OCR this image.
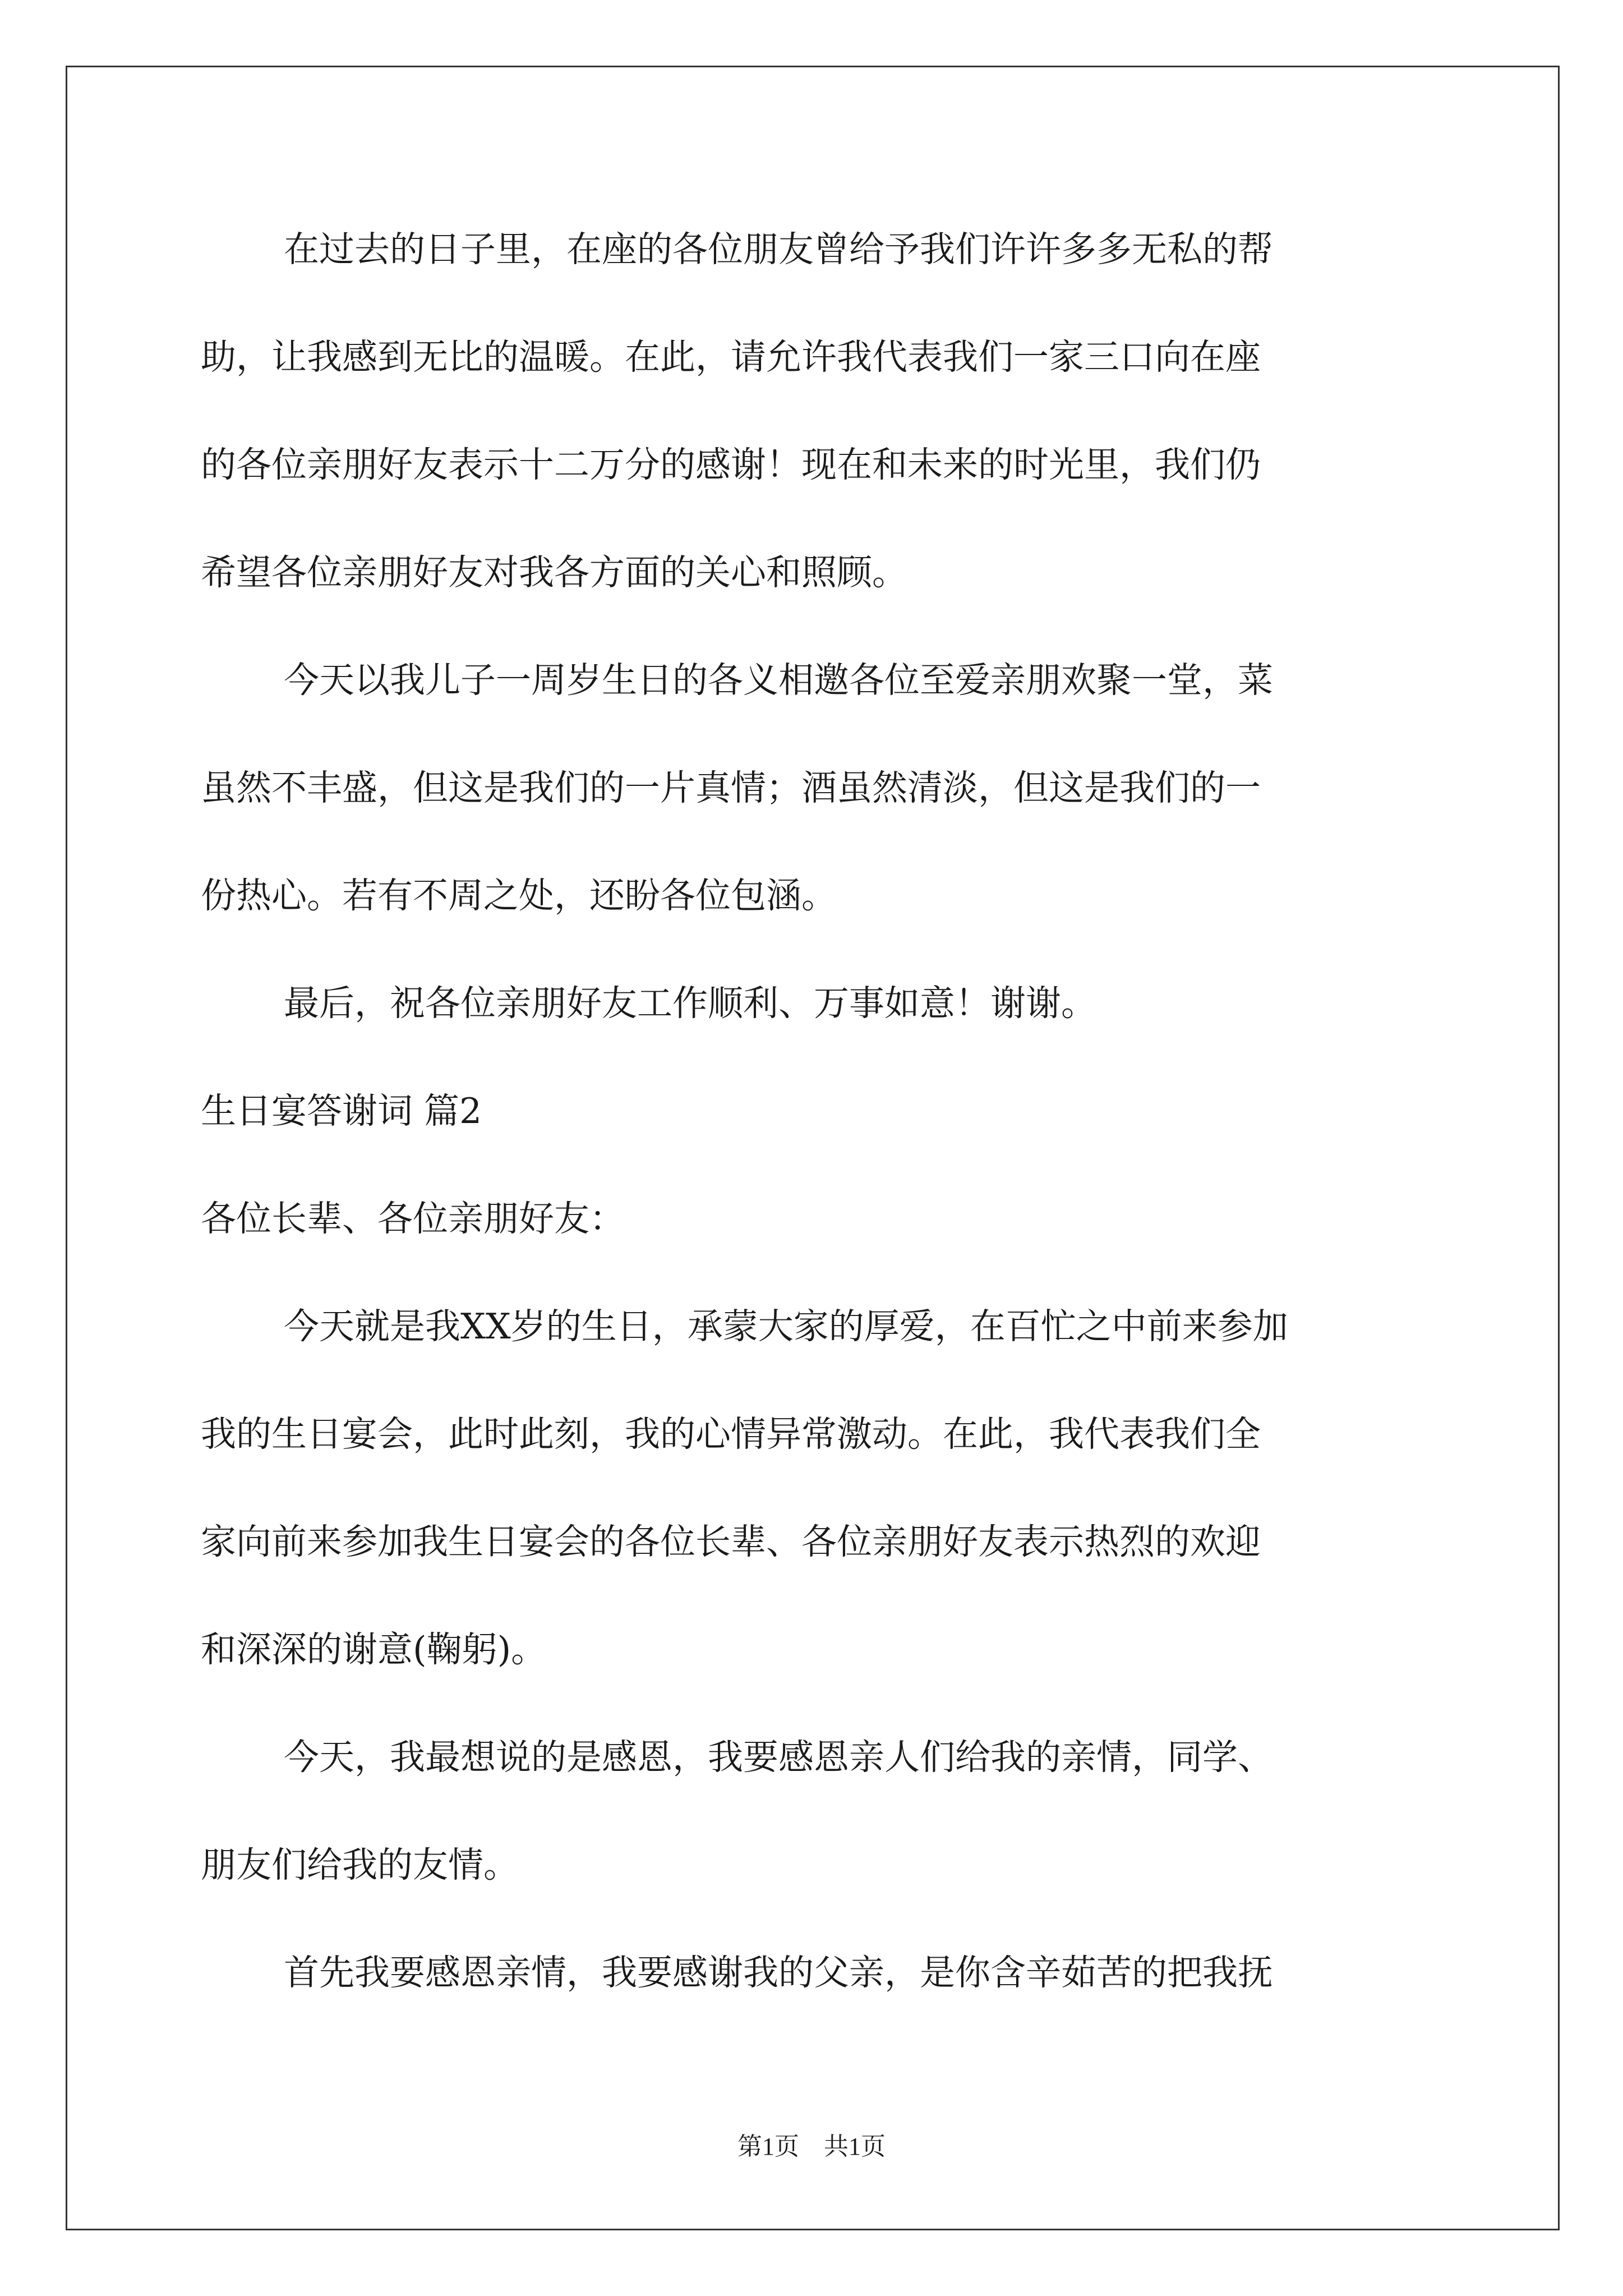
在过去的日子里，在座的各位朋友曾给予我们许许多多无私的帮
助，让我感到无比的温暖。在此，请允许我代表我们一家三口向在座
的各位亲朋好友表示十二万分的感谢！现在和未来的时光里，我们仍
希望各位亲朋好友对我各方面的关心和照顾。
今天以我儿子一周岁生日的各义相邀各位至爱亲朋欢聚一堂，菜
虽然不丰盛，但这是我们的一片真情；酒虽然清淡，但这是我们的一
份热心。若有不周之处，还盼各位包涵。
最后，祝各位亲朋好友工作顺利、万事如意！谢谢。
生日宴答谢词 篇2
各位长辈、各位亲朋好友：
今天就是我XX岁的生日，承蒙大家的厚爱，在百忙之中前来参加
我的生日宴会，此时此刻，我的心情异常激动。在此，我代表我们全
家向前来参加我生日宴会的各位长辈、各位亲朋好友表示热烈的欢迎
和深深的谢意(鞠躬)。
今天，我最想说的是感恩，我要感恩亲人们给我的亲情，同学、
朋友们给我的友情。
首先我要感恩亲情，我要感谢我的父亲，是你含辛茹苦的把我抚
第1页 共1页
